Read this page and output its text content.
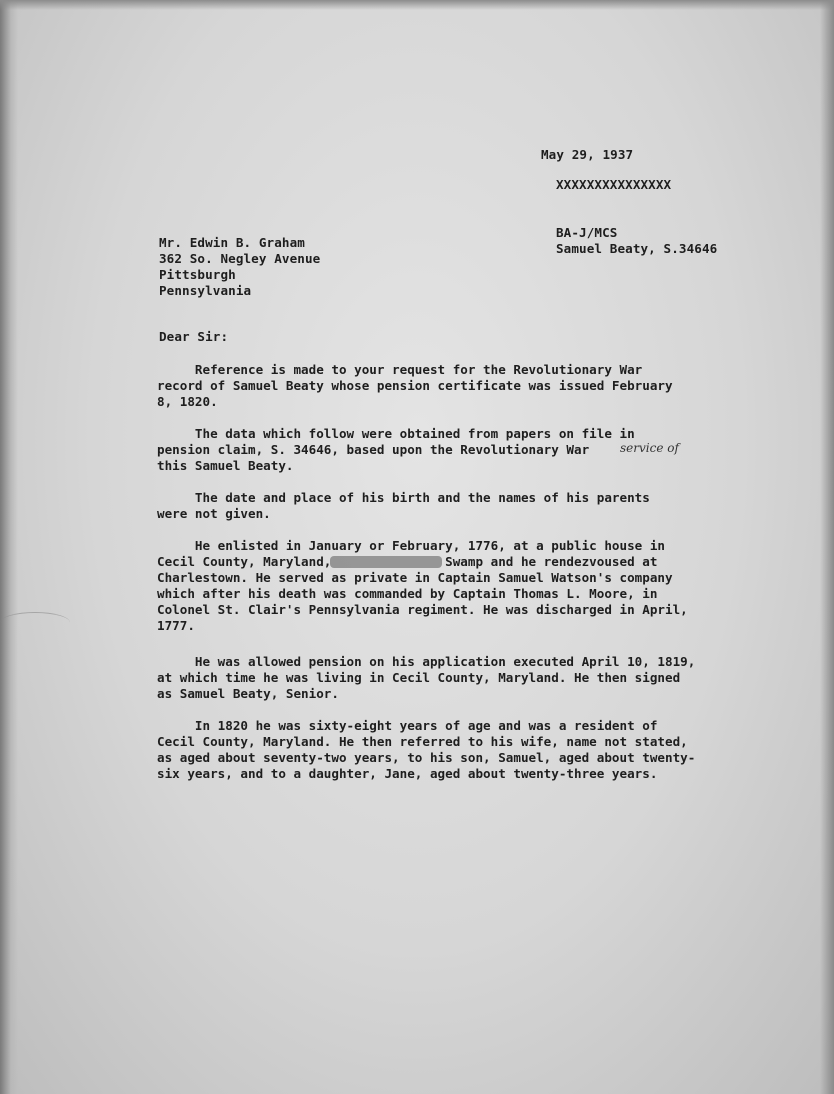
May 29, 1937
XXXXXXXXXXXXXXX
BA-J/MCS
Samuel Beaty, S.34646
Mr. Edwin B. Graham
362 So. Negley Avenue
Pittsburgh
Pennsylvania
Dear Sir:
Reference is made to your request for the Revolutionary War
record of Samuel Beaty whose pension certificate was issued February
8, 1820.
The data which follow were obtained from papers on file in
pension claim, S. 34646, based upon the Revolutionary War	service of
this Samuel Beaty.
The date and place of his birth and the names of his parents
were not given.
He enlisted in January or February, 1776, at a public house in
Cecil County, Maryland,               Swamp and he rendezvoused at
Charlestown. He served as private in Captain Samuel Watson's company
which after his death was commanded by Captain Thomas L. Moore, in
Colonel St. Clair's Pennsylvania regiment. He was discharged in April,
1777.
He was allowed pension on his application executed April 10, 1819,
at which time he was living in Cecil County, Maryland. He then signed
as Samuel Beaty, Senior.
In 1820 he was sixty-eight years of age and was a resident of
Cecil County, Maryland. He then referred to his wife, name not stated,
as aged about seventy-two years, to his son, Samuel, aged about twenty-
six years, and to a daughter, Jane, aged about twenty-three years.
